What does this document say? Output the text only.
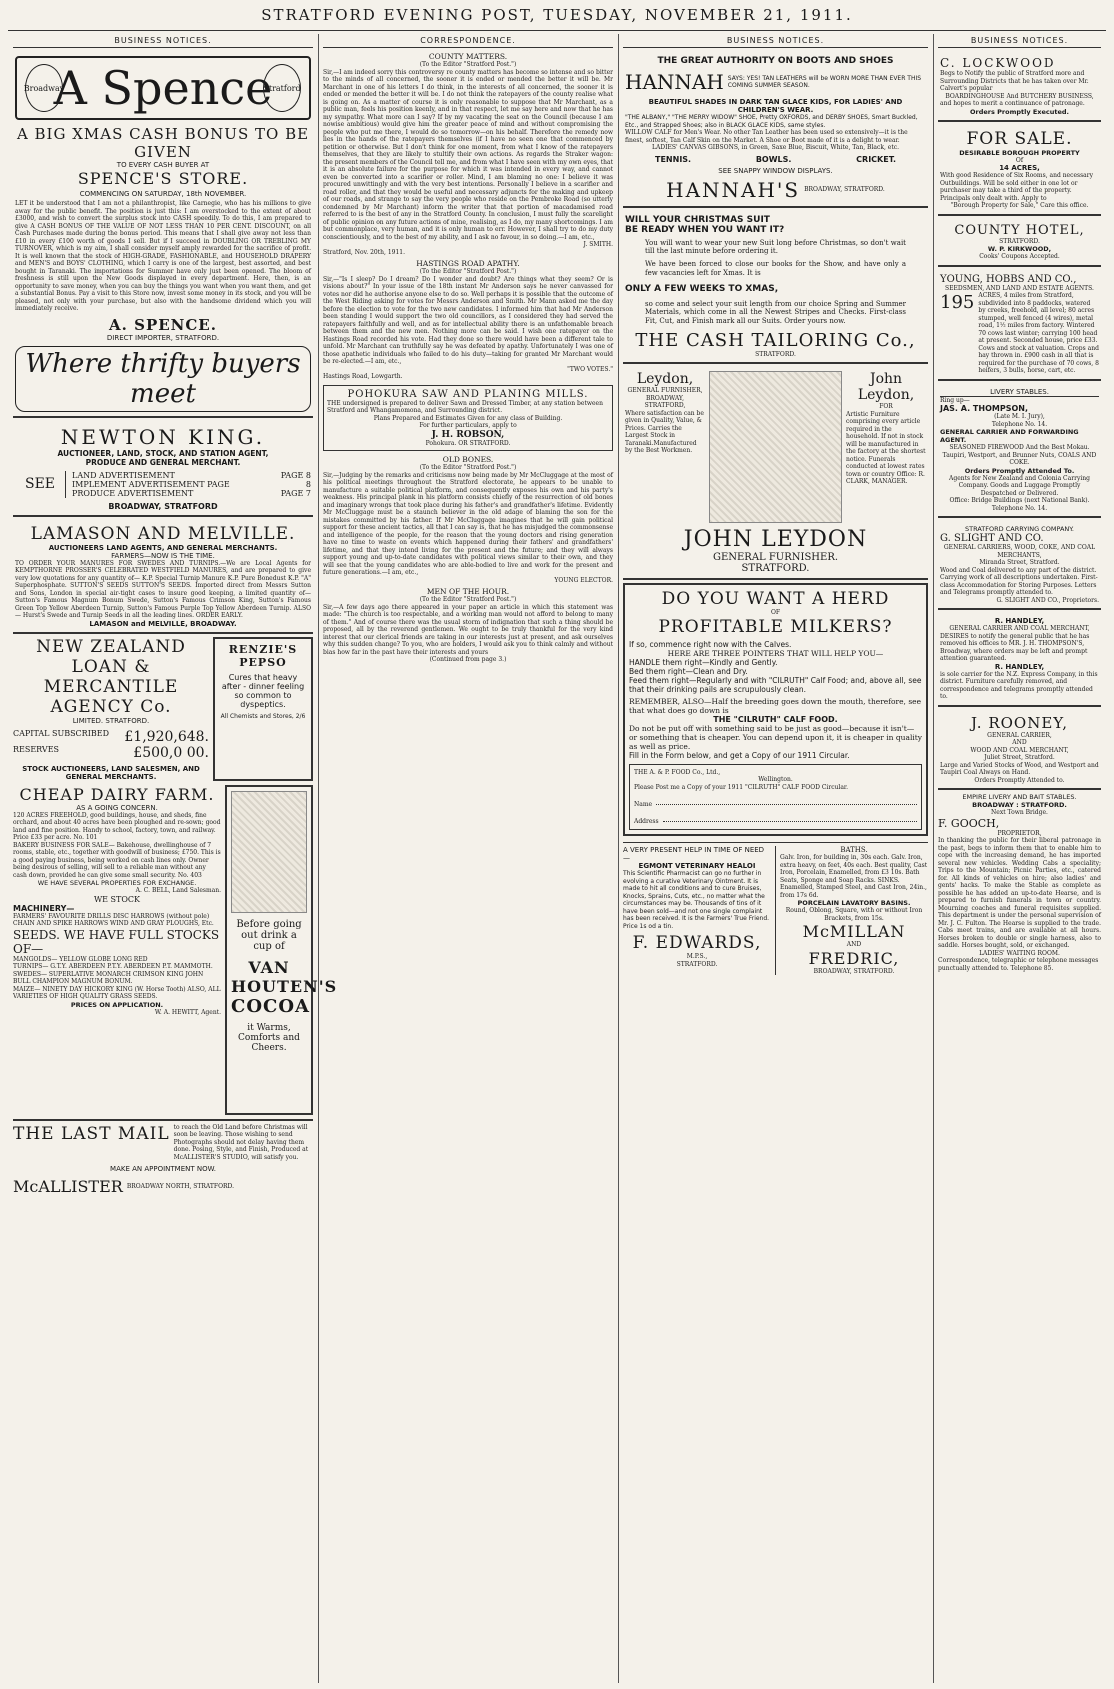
STRATFORD EVENING POST, TUESDAY, NOVEMBER 21, 1911.
BUSINESS NOTICES.
Broadway
A Spence
Stratford
A BIG XMAS CASH BONUS TO BE GIVEN
TO EVERY CASH BUYER AT
SPENCE'S STORE.
COMMENCING ON SATURDAY, 18th NOVEMBER.
LET it be understood that I am not a philanthropist, like Carnegie, who has his millions to give away for the public benefit. The position is just this: I am overstocked to the extent of about £3000, and wish to convert the surplus stock into CASH speedily. To do this, I am prepared to give A CASH BONUS OF THE VALUE OF NOT LESS THAN 10 PER CENT. DISCOUNT, on all Cash Purchases made during the bonus period. This means that I shall give away not less than £10 in every £100 worth of goods I sell. But if I succeed in DOUBLING OR TREBLING MY TURNOVER, which is my aim, I shall consider myself amply rewarded for the sacrifice of profit. It is well known that the stock of HIGH-GRADE, FASHIONABLE, and HOUSEHOLD DRAPERY and MEN'S and BOYS' CLOTHING, which I carry is one of the largest, best assorted, and best bought in Taranaki. The importations for Summer have only just been opened. The bloom of freshness is still upon the New Goods displayed in every department. Here, then, is an opportunity to save money, when you can buy the things you want when you want them, and get a substantial Bonus. Pay a visit to this Store now, invest some money in its stock, and you will be pleased, not only with your purchase, but also with the handsome dividend which you will immediately receive.
A. SPENCE.
DIRECT IMPORTER, STRATFORD.
Where thrifty buyers meet
NEWTON KING.
AUCTIONEER, LAND, STOCK, AND STATION AGENT,
PRODUCE AND GENERAL MERCHANT.
SEE
LAND ADVERTISEMENT	PAGE 8
IMPLEMENT ADVERTISEMENT PAGE	8
PRODUCE ADVERTISEMENT	PAGE 7
BROADWAY, STRATFORD
LAMASON AND MELVILLE.
AUCTIONEERS LAND AGENTS, AND GENERAL MERCHANTS.
FARMERS—NOW IS THE TIME.
TO ORDER YOUR MANURES FOR SWEDES AND TURNIPS.—We are Local Agents for KEMPTHORNE PROSSER'S CELEBRATED WESTFIELD MANURES, and are prepared to give very low quotations for any quantity of— K.P. Special Turnip Manure K.P. Pure Bonedust K.P. "A" Superphosphate. SUTTON'S SEEDS SUTTON'S SEEDS. Imported direct from Messrs Sutton and Sons, London in special air-tight cases to insure good keeping, a limited quantity of— Sutton's Famous Magnum Bonum Swede, Sutton's Famous Crimson King, Sutton's Famous Green Top Yellow Aberdeen Turnip, Sutton's Famous Purple Top Yellow Aberdeen Turnip. ALSO— Hurst's Swede and Turnip Seeds in all the leading lines. ORDER EARLY.
LAMASON and MELVILLE, BROADWAY.
NEW ZEALAND
LOAN & MERCANTILE
AGENCY Co.
LIMITED. STRATFORD.
CAPITAL SUBSCRIBED £1,920,648.
RESERVES	£500,0 00.
STOCK AUCTIONEERS, LAND SALESMEN, AND GENERAL MERCHANTS.
RENZIE'S PEPSO
Cures that heavy after - dinner feeling so common to dyspeptics.
All Chemists and Stores, 2/6
CHEAP DAIRY FARM.
AS A GOING CONCERN.
120 ACRES FREEHOLD, good buildings, house, and sheds, fine orchard, and about 40 acres have been ploughed and re-sown; good land and fine position. Handy to school, factory, town, and railway. Price £33 per acre. No. 101
BAKERY BUSINESS FOR SALE— Bakehouse, dwellinghouse of 7 rooms, stable, etc., together with goodwill of business; £750. This is a good paying business, being worked on cash lines only. Owner being desirous of selling, will sell to a reliable man without any cash down, provided he can give some small security. No. 403
WE HAVE SEVERAL PROPERTIES FOR EXCHANGE.
A. C. BELL, Land Salesman.
WE STOCK
MACHINERY—
FARMERS' FAVOURITE DRILLS DISC HARROWS (without pole) CHAIN AND SPIKE HARROWS WIND AND GRAY PLOUGHS, Etc.
SEEDS. WE HAVE FULL STOCKS OF—
MANGOLDS— YELLOW GLOBE LONG RED
TURNIPS— G.T.Y. ABERDEEN P.T.Y. ABERDEEN P.T. MAMMOTH.
SWEDES— SUPERLATIVE MONARCH CRIMSON KING JOHN BULL CHAMPION MAGNUM BONUM.
MAIZE— NINETY DAY HICKORY KING (W. Horse Tooth) ALSO, ALL VARIETIES OF HIGH QUALITY GRASS SEEDS.
PRICES ON APPLICATION.
W. A. HEWITT, Agent.
Before going out drink a cup of
VAN HOUTEN'S
COCOA
it Warms, Comforts and Cheers.
THE LAST MAIL to reach the Old Land before Christmas will soon be leaving. Those wishing to send Photographs should not delay having them done. Posing, Style, and Finish, Produced at McALLISTER'S STUDIO, will satisfy you.
MAKE AN APPOINTMENT NOW.
McALLISTER BROADWAY NORTH, STRATFORD.
CORRESPONDENCE.
COUNTY MATTERS.
(To the Editor "Stratford Post.")
Sir,—I am indeed sorry this controversy re county matters has become so intense and so bitter to the minds of all concerned, the sooner it is ended or mended the better it will be. Mr Marchant in one of his letters I do think, in the interests of all concerned, the sooner it is ended or mended the better it will be. I do not think the ratepayers of the county realise what is going on. As a matter of course it is only reasonable to suppose that Mr Marchant, as a public man, feels his position keenly, and in that respect, let me say here and now that he has my sympathy. What more can I say? If by my vacating the seat on the Council (because I am nowise ambitious) would give him the greater peace of mind and without compromising the people who put me there, I would do so tomorrow—on his behalf. Therefore the remedy now lies in the hands of the ratepayers themselves (if I have no seen one that commenced by petition or otherwise. But I don't think for one moment, from what I know of the ratepayers themselves, that they are likely to stultify their own actions. As regards the Straker wagon: the present members of the Council tell me, and from what I have seen with my own eyes, that it is an absolute failure for the purpose for which it was intended in every way, and cannot even be converted into a scarifier or roller. Mind, I am blaming no one: I believe it was procured unwittingly and with the very best intentions. Personally I believe in a scarifier and road roller, and that they would be useful and necessary adjuncts for the making and upkeep of our roads, and strange to say the very people who reside on the Pembroke Road (so utterly condemned by Mr Marchant) inform the writer that that portion of macadamised road referred to is the best of any in the Stratford County. In conclusion, I must fully the scarelight of public opinion on any future actions of mine, realising, as I do, my many shortcomings. I am but commonplace, very human, and it is only human to err. However, I shall try to do my duty conscientiously, and to the best of my ability, and I ask no favour, in so doing.—I am, etc.,
J. SMITH.
Stratford, Nov. 20th, 1911.
HASTINGS ROAD APATHY.
(To the Editor "Stratford Post.")
Sir,—"Is I sleep? Do I dream? Do I wonder and doubt? Are things what they seem? Or is visions about?" In your issue of the 18th instant Mr Anderson says he never canvassed for votes nor did he authorise anyone else to do so. Well perhaps it is possible that the outcome of the West Riding asking for votes for Messrs Anderson and Smith. Mr Mann asked me the day before the election to vote for the two new candidates. I informed him that had Mr Anderson been standing I would support the two old councillors, as I considered they had served the ratepayers faithfully and well, and as for intellectual ability there is an unfathomable breach between them and the new men. Nothing more can be said. I wish one ratepayer on the Hastings Road recorded his vote. Had they done so there would have been a different tale to unfold. Mr Marchant can truthfully say he was defeated by apathy. Unfortunately I was one of those apathetic individuals who failed to do his duty—taking for granted Mr Marchant would be re-elected.—I am, etc.,
"TWO VOTES."
Hastings Road, Lowgarth.
POHOKURA SAW AND PLANING MILLS.
THE undersigned is prepared to deliver Sawn and Dressed Timber, at any station between Stratford and Whangamomona, and Surrounding district.
Plans Prepared and Estimates Given for any class of Building.
For further particulars, apply to
J. H. ROBSON,
Pohokura. OR STRATFORD.
OLD BONES.
(To the Editor "Stratford Post.")
Sir,—Judging by the remarks and criticisms now being made by Mr McCluggage at the most of his political meetings throughout the Stratford electorate, he appears to be unable to manufacture a suitable political platform, and consequently exposes his own and his party's weakness. His principal plank in his platform consists chiefly of the resurrection of old bones and imaginary wrongs that took place during his father's and grandfather's lifetime. Evidently Mr McCluggage must be a staunch believer in the old adage of blaming the son for the mistakes committed by his father. If Mr McCluggage imagines that he will gain political support for these ancient tactics, all that I can say is, that he has misjudged the commonsense and intelligence of the people, for the reason that the young doctors and rising generation have no time to waste on events which happened during their fathers' and grandfathers' lifetime, and that they intend living for the present and the future; and they will always support young and up-to-date candidates with political views similar to their own, and they will see that the young candidates who are able-bodied to live and work for the present and future generations.—I am, etc.,
YOUNG ELECTOR.
MEN OF THE HOUR.
(To the Editor "Stratford Post.")
Sir,—A few days ago there appeared in your paper an article in which this statement was made: "The church is too respectable, and a working man would not afford to belong to many of them." And of course there was the usual storm of indignation that such a thing should be proposed, all by the reverend gentlemen. We ought to be truly thankful for the very kind interest that our clerical friends are taking in our interests just at present, and ask ourselves why this sudden change? To you, who are holders, I would ask you to think calmly and without bias how far in the past have their interests and yours
(Continued from page 3.)
BUSINESS NOTICES.
THE GREAT AUTHORITY ON BOOTS AND SHOES
HANNAH SAYS: YES! TAN LEATHERS will be WORN MORE THAN EVER THIS COMING SUMMER SEASON.
BEAUTIFUL SHADES IN DARK TAN GLACE KIDS, FOR LADIES' AND CHILDREN'S WEAR.
"THE ALBANY," "THE MERRY WIDOW" SHOE, Pretty OXFORDS, and DERBY SHOES, Smart Buckled, Etc., and Strapped Shoes; also in BLACK GLACE KIDS, same styles.
WILLOW CALF for Men's Wear. No other Tan Leather has been used so extensively—it is the finest, softest, Tan Calf Skin on the Market. A Shoe or Boot made of it is a delight to wear.
LADIES' CANVAS GIBSONS, in Green, Saxe Blue, Biscuit, White, Tan, Black, etc.
TENNIS.	BOWLS.	CRICKET.
SEE SNAPPY WINDOW DISPLAYS.
HANNAH'S BROADWAY, STRATFORD.
WILL YOUR CHRISTMAS SUIT
BE READY WHEN YOU WANT IT?
You will want to wear your new Suit long before Christmas, so don't wait till the last minute before ordering it.
We have been forced to close our books for the Show, and have only a few vacancies left for Xmas. It is
ONLY A FEW WEEKS TO XMAS,
so come and select your suit length from our choice Spring and Summer Materials, which come in all the Newest Stripes and Checks. First-class Fit, Cut, and Finish mark all our Suits. Order yours now.
THE CASH TAILORING Co.,
STRATFORD.
Leydon,
GENERAL FURNISHER,
BROADWAY, STRATFORD,
Where satisfaction can be given in Quality, Value, & Prices. Carries the Largest Stock in Taranaki.Manufactured by the Best Workmen.
John Leydon,
FOR
Artistic Furniture comprising every article required in the household. If not in stock will be manufactured in the factory at the shortest notice. Funerals conducted at lowest rates town or country Office: R. CLARK, MANAGER.
JOHN LEYDON
GENERAL FURNISHER.
STRATFORD.
DO YOU WANT A HERD
OF
PROFITABLE MILKERS?
If so, commence right now with the Calves.
HERE ARE THREE POINTERS THAT WILL HELP YOU—
HANDLE them right—Kindly and Gently.
Bed them right—Clean and Dry.
Feed them right—Regularly and with "CILRUTH" Calf Food; and, above all, see that their drinking pails are scrupulously clean.
REMEMBER, ALSO—Half the breeding goes down the mouth, therefore, see that what does go down is
THE "CILRUTH" CALF FOOD.
Do not be put off with something said to be just as good—because it isn't—or something that is cheaper. You can depend upon it, it is cheaper in quality as well as price.
Fill in the Form below, and get a Copy of our 1911 Circular.
THE A. & P. FOOD Co., Ltd.,
Wellington.
Please Post me a Copy of your 1911 "CILRUTH" CALF FOOD Circular.
Name
Address
A VERY PRESENT HELP IN TIME OF NEED—
EGMONT VETERINARY HEALOI
This Scientific Pharmacist can go no further in evolving a curative Veterinary Ointment. It is made to hit all conditions and to cure Bruises, Knocks, Sprains, Cuts, etc., no matter what the circumstances may be. Thousands of tins of it have been sold—and not one single complaint has been received. It is the Farmers' True Friend. Price 1s od a tin.
F. EDWARDS,
M.P.S.,
STRATFORD.
BATHS.
Galv. Iron, for building in, 30s each. Galv. Iron, extra heavy, on feet, 40s each. Best quality, Cast Iron, Porcelain, Enamelled, from £3 10s. Bath Seats, Sponge and Soap Racks. SINKS. Enamelled, Stamped Steel, and Cast Iron, 24in., from 17s 6d.
PORCELAIN LAVATORY BASINS.
Round, Oblong, Square, with or without Iron Brackets, from 15s.
McMILLAN
AND
FREDRIC,
BROADWAY, STRATFORD.
BUSINESS NOTICES.
C. LOCKWOOD
Begs to Notify the public of Stratford more and Surrounding Districts that he has taken over Mr. Calvert's popular
BOARDINGHOUSE And BUTCHERY BUSINESS,
and hopes to merit a continuance of patronage.
Orders Promptly Executed.
FOR SALE.
DESIRABLE BOROUGH PROPERTY
Of
14 ACRES,
With good Residence of Six Rooms, and necessary Outbuildings. Will be sold either in one lot or purchaser may take a third of the property. Principals only dealt with. Apply to
"Borough Property for Sale," Care this office.
COUNTY HOTEL,
STRATFORD.
W. P. KIRKWOOD,
Cooks' Coupons Accepted.
YOUNG, HOBBS AND CO.,
SEEDSMEN, AND LAND AND ESTATE AGENTS.
195 ACRES, 4 miles from Stratford, subdivided into 8 paddocks, watered by creeks, freehold, all level; 80 acres stumped, well fenced (4 wires), metal road, 1½ miles from factory. Wintered 70 cows last winter; carrying 100 head at present. Seconded house, price £33. Cows and stock at valuation. Crops and hay thrown in. £900 cash in all that is required for the purchase of 70 cows, 8 heifers, 3 bulls, horse, cart, etc.
LIVERY STABLES.
Ring up—
JAS. A. THOMPSON,
(Late M. I. Jury),
Telephone No. 14.
GENERAL CARRIER AND FORWARDING AGENT.
SEASONED FIREWOOD And the Best Mokau. Taupiri, Westport, and Brunner Nuts, COALS AND COKE.
Orders Promptly Attended To.
Agents for New Zealand and Colonia Carrying Company. Goods and Luggage Promptly Despatched or Delivered.
Office: Bridge Buildings (next National Bank).
Telephone No. 14.
STRATFORD CARRYING COMPANY.
G. SLIGHT AND CO.
GENERAL CARRIERS, WOOD, COKE, AND COAL MERCHANTS,
Miranda Street, Stratford.
Wood and Coal delivered to any part of the district. Carrying work of all descriptions undertaken. First-class Accommodation for Storing Purposes. Letters and Telegrams promptly attended to.
G. SLIGHT AND CO., Proprietors.
R. HANDLEY,
GENERAL CARRIER AND COAL MERCHANT,
DESIRES to notify the general public that he has removed his offices to MR. J. H. THOMPSON'S, Broadway, where orders may be left and prompt attention guaranteed.
R. HANDLEY,
is sole carrier for the N.Z. Express Company, in this district. Furniture carefully removed, and correspondence and telegrams promptly attended to.
J. ROONEY,
GENERAL CARRIER,
AND
WOOD AND COAL MERCHANT,
Juliet Street, Stratford.
Large and Varied Stocks of Wood, and Westport and Taupiri Coal Always on Hand.
Orders Promptly Attended to.
EMPIRE LIVERY AND BAIT STABLES.
BROADWAY : STRATFORD.
Next Town Bridge.
F. GOOCH,
PROPRIETOR,
In thanking the public for their liberal patronage in the past, begs to inform them that to enable him to cope with the increasing demand, he has imported several new vehicles. Wedding Cabs a speciality; Trips to the Mountain; Picnic Parties, etc., catered for. All kinds of vehicles on hire; also ladies' and gents' hacks. To make the Stable as complete as possible he has added an up-to-date Hearse, and is prepared to furnish funerals in town or country. Mourning coaches and funeral requisites supplied. This department is under the personal supervision of Mr. J. C. Fulton. The Hearse is supplied to the trade. Cabs meet trains, and are available at all hours. Horses broken to double or single harness, also to saddle. Horses bought, sold, or exchanged.
LADIES' WAITING ROOM.
Correspondence, telegraphic or telephone messages punctually attended to. Telephone 85.
